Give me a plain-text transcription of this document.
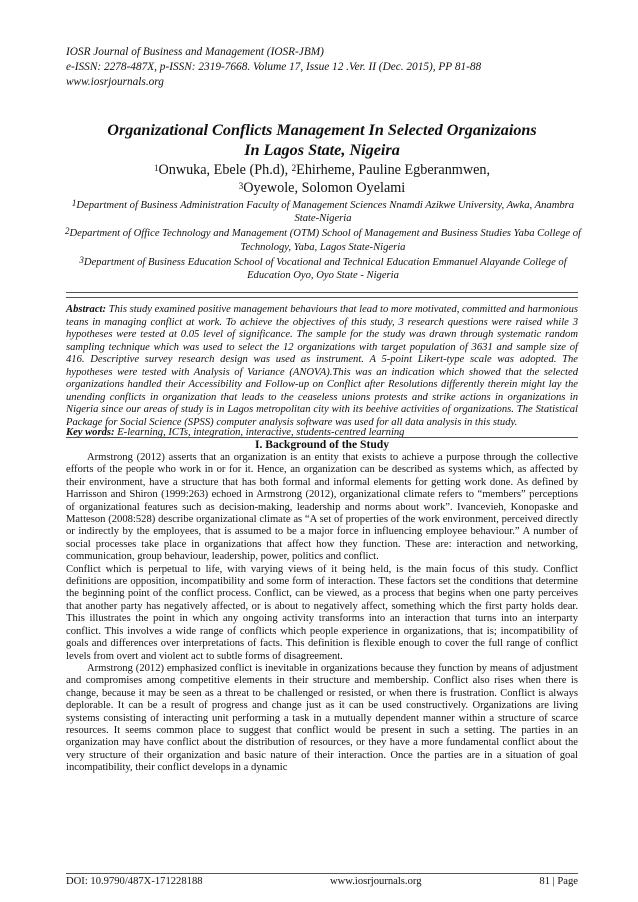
IOSR Journal of Business and Management (IOSR-JBM)
e-ISSN: 2278-487X, p-ISSN: 2319-7668. Volume 17, Issue 12 .Ver. II (Dec. 2015), PP 81-88
www.iosrjournals.org
Organizational Conflicts Management In Selected Organizaions
In Lagos State, Nigeira
$^1$Onwuka, Ebele (Ph.d), $^2$Ehirheme, Pauline Egberanmwen,
$^3$Oyewole, Solomon Oyelami
$^1$Department of Business Administration Faculty of Management Sciences Nnamdi Azikwe University, Awka, Anambra State-Nigeria
$^2$Department of Office Technology and Management (OTM) School of Management and Business Studies Yaba College of Technology, Yaba, Lagos State-Nigeria
$^3$Department of Business Education School of Vocational and Technical Education Emmanuel Alayande College of Education Oyo, Oyo State - Nigeria
Abstract: This study examined positive management behaviours that lead to more motivated, committed and harmonious teans in managing conflict at work. To achieve the objectives of this study, 3 research questions were raised while 3 hypotheses were tested at 0.05 level of significance. The sample for the study was drawn through systematic random sampling technique which was used to select the 12 organizations with target population of 3631 and sample size of 416. Descriptive survey research design was used as instrument. A 5-point Likert-type scale was adopted. The hypotheses were tested with Analysis of Variance (ANOVA).This was an indication which showed that the selected organizations handled their Accessibility and Follow-up on Conflict after Resolutions differently therein might lay the unending conflicts in organization that leads to the ceaseless unions protests and strike actions in organizations in Nigeria since our areas of study is in Lagos metropolitan city with its beehive activities of organizations. The Statistical Package for Social Science (SPSS) computer analysis software was used for all data analysis in this study.
Key words: E-learning, ICTs, integration, interactive, students-centred learning
I. Background of the Study

Armstrong (2012) asserts that an organization is an entity that exists to achieve a purpose through the collective efforts of the people who work in or for it. Hence, an organization can be described as systems which, as affected by their environment, have a structure that has both formal and informal elements for getting work done. As defined by Harrisson and Shiron (1999:263) echoed in Armstrong (2012), organizational climate refers to “members” perceptions of organizational features such as decision-making, leadership and norms about work”. Ivancevieh, Konopaske and Matteson (2008:528) describe organizational climate as “A set of properties of the work environment, perceived directly or indirectly by the employees, that is assumed to be a major force in influencing employee behaviour.” A number of social processes take place in organizations that affect how they function. These are: interaction and networking, communication, group behaviour, leadership, power, politics and conflict.

Conflict which is perpetual to life, with varying views of it being held, is the main focus of this study. Conflict definitions are opposition, incompatibility and some form of interaction. These factors set the conditions that determine the beginning point of the conflict process. Conflict, can be viewed, as a process that begins when one party perceives that another party has negatively affected, or is about to negatively affect, something which the first party holds dear. This illustrates the point in which any ongoing activity transforms into an interaction that turns into an interparty conflict. This involves a wide range of conflicts which people experience in organizations, that is; incompatibility of goals and differences over interpretations of facts. This definition is flexible enough to cover the full range of conflict levels from overt and violent act to subtle forms of disagreement.

Armstrong (2012) emphasized conflict is inevitable in organizations because they function by means of adjustment and compromises among competitive elements in their structure and membership. Conflict also rises when there is change, because it may be seen as a threat to be challenged or resisted, or when there is frustration. Conflict is always deplorable. It can be a result of progress and change just as it can be used constructively. Organizations are living systems consisting of interacting unit performing a task in a mutually dependent manner within a structure of scarce resources. It seems common place to suggest that conflict would be present in such a setting. The parties in an organization may have conflict about the distribution of resources, or they have a more fundamental conflict about the very structure of their organization and basic nature of their interaction. Once the parties are in a situation of goal incompatibility, their conflict develops in a dynamic

DOI: 10.9790/487X-171228188	www.iosrjournals.org	81 | Page
